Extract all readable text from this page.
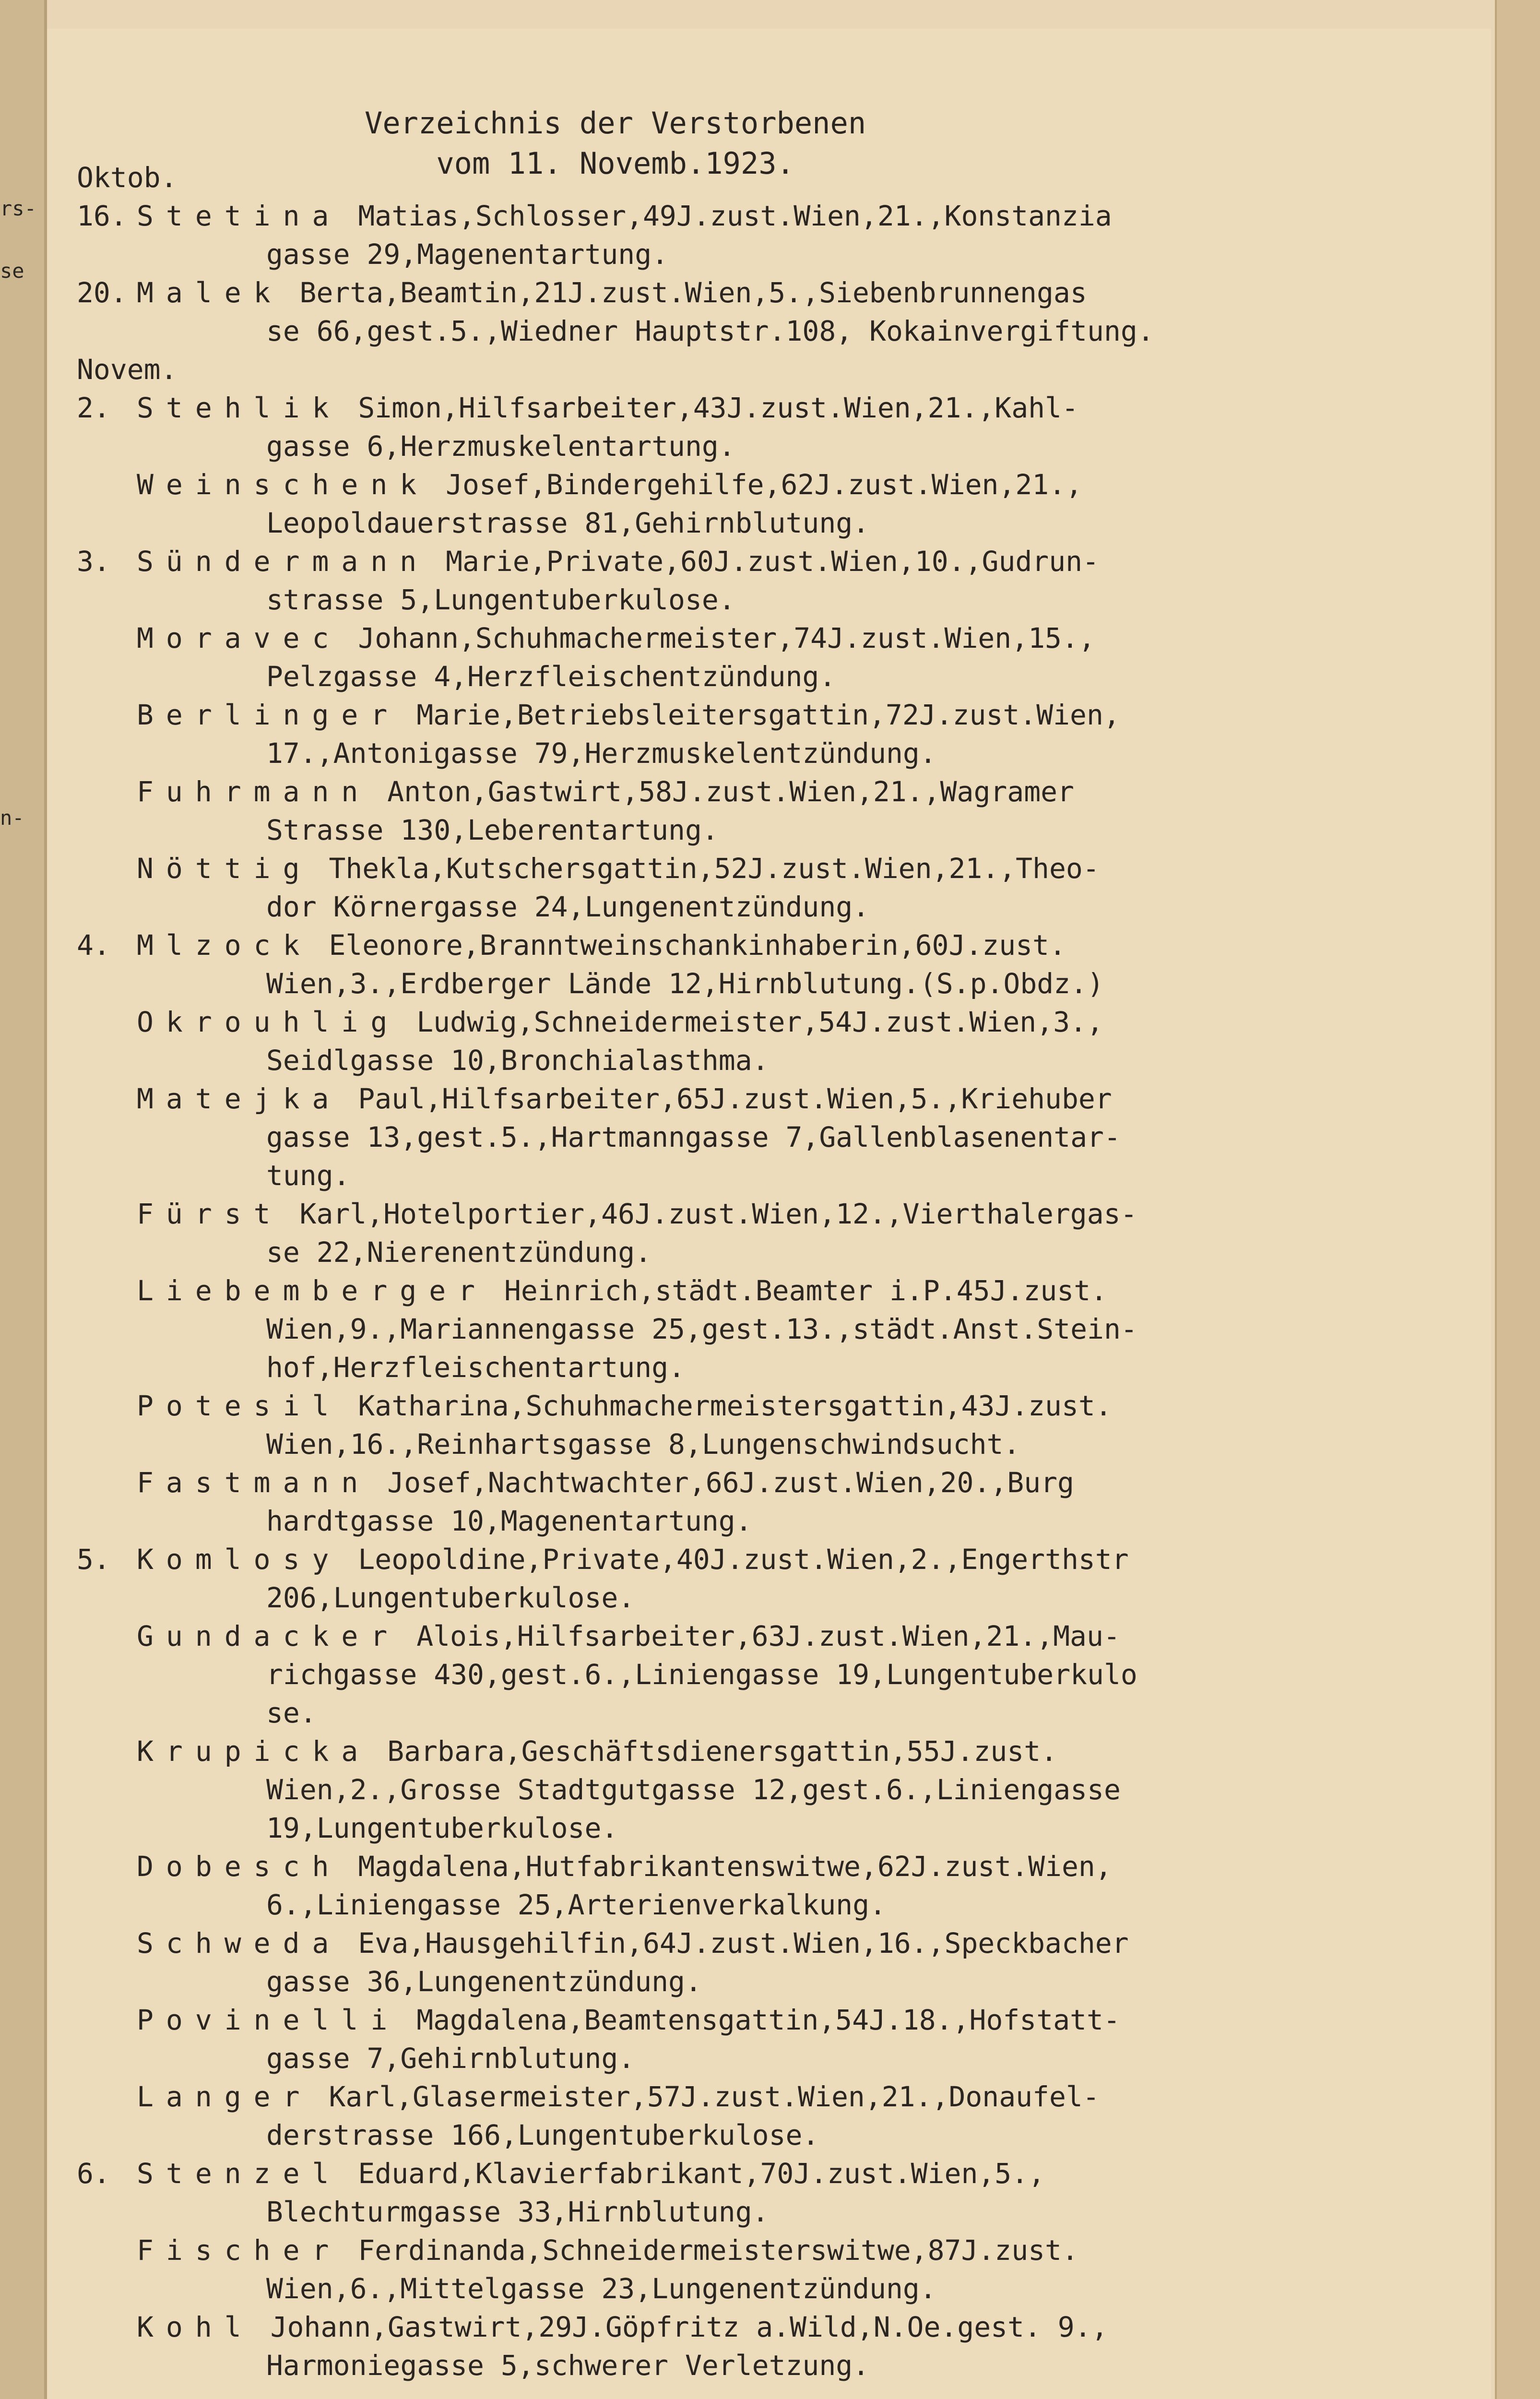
rs-
se
n-
Verzeichnis der Verstorbenen
vom 11. Novemb.1923.
Oktob.

16. Stetina Matias,Schlosser,49J.zust.Wien,21.,Konstanzia
gasse 29,Magenentartung.
20. Malek Berta,Beamtin,21J.zust.Wien,5.,Siebenbrunnengas
se 66,gest.5.,Wiedner Hauptstr.108, Kokainvergiftung.
Novem.

2. Stehlik Simon,Hilfsarbeiter,43J.zust.Wien,21.,Kahl-
gasse 6,Herzmuskelentartung.
Weinschenk Josef,Bindergehilfe,62J.zust.Wien,21.,
Leopoldauerstrasse 81,Gehirnblutung.
3. Sündermann Marie,Private,60J.zust.Wien,10.,Gudrun-
strasse 5,Lungentuberkulose.
Moravec Johann,Schuhmachermeister,74J.zust.Wien,15.,
Pelzgasse 4,Herzfleischentzündung.
Berlinger Marie,Betriebsleitersgattin,72J.zust.Wien,
17.,Antonigasse 79,Herzmuskelentzündung.
Fuhrmann Anton,Gastwirt,58J.zust.Wien,21.,Wagramer
Strasse 130,Leberentartung.
Nöttig Thekla,Kutschersgattin,52J.zust.Wien,21.,Theo-
dor Körnergasse 24,Lungenentzündung.
4. Mlzock Eleonore,Branntweinschankinhaberin,60J.zust.
Wien,3.,Erdberger Lände 12,Hirnblutung.(S.p.Obdz.)
Okrouhlig Ludwig,Schneidermeister,54J.zust.Wien,3.,
Seidlgasse 10,Bronchialasthma.
Matejka Paul,Hilfsarbeiter,65J.zust.Wien,5.,Kriehuber
gasse 13,gest.5.,Hartmanngasse 7,Gallenblasenentar-
tung.
Fürst Karl,Hotelportier,46J.zust.Wien,12.,Vierthalergas-
se 22,Nierenentzündung.
Liebemberger Heinrich,städt.Beamter i.P.45J.zust.
Wien,9.,Mariannengasse 25,gest.13.,städt.Anst.Stein-
hof,Herzfleischentartung.
Potesil Katharina,Schuhmachermeistersgattin,43J.zust.
Wien,16.,Reinhartsgasse 8,Lungenschwindsucht.
Fastmann Josef,Nachtwachter,66J.zust.Wien,20.,Burg
hardtgasse 10,Magenentartung.
5. Komlosy Leopoldine,Private,40J.zust.Wien,2.,Engerthstr
206,Lungentuberkulose.
Gundacker Alois,Hilfsarbeiter,63J.zust.Wien,21.,Mau-
richgasse 430,gest.6.,Liniengasse 19,Lungentuberkulo
se.
Krupicka Barbara,Geschäftsdienersgattin,55J.zust.
Wien,2.,Grosse Stadtgutgasse 12,gest.6.,Liniengasse
19,Lungentuberkulose.
Dobesch Magdalena,Hutfabrikantenswitwe,62J.zust.Wien,
6.,Liniengasse 25,Arterienverkalkung.
Schweda Eva,Hausgehilfin,64J.zust.Wien,16.,Speckbacher
gasse 36,Lungenentzündung.
Povinelli Magdalena,Beamtensgattin,54J.18.,Hofstatt-
gasse 7,Gehirnblutung.
Langer Karl,Glasermeister,57J.zust.Wien,21.,Donaufel-
derstrasse 166,Lungentuberkulose.
6. Stenzel Eduard,Klavierfabrikant,70J.zust.Wien,5.,
Blechturmgasse 33,Hirnblutung.
Fischer Ferdinanda,Schneidermeisterswitwe,87J.zust.
Wien,6.,Mittelgasse 23,Lungenentzündung.
Kohl Johann,Gastwirt,29J.Göpfritz a.Wild,N.Oe.gest. 9.,
Harmoniegasse 5,schwerer Verletzung.
